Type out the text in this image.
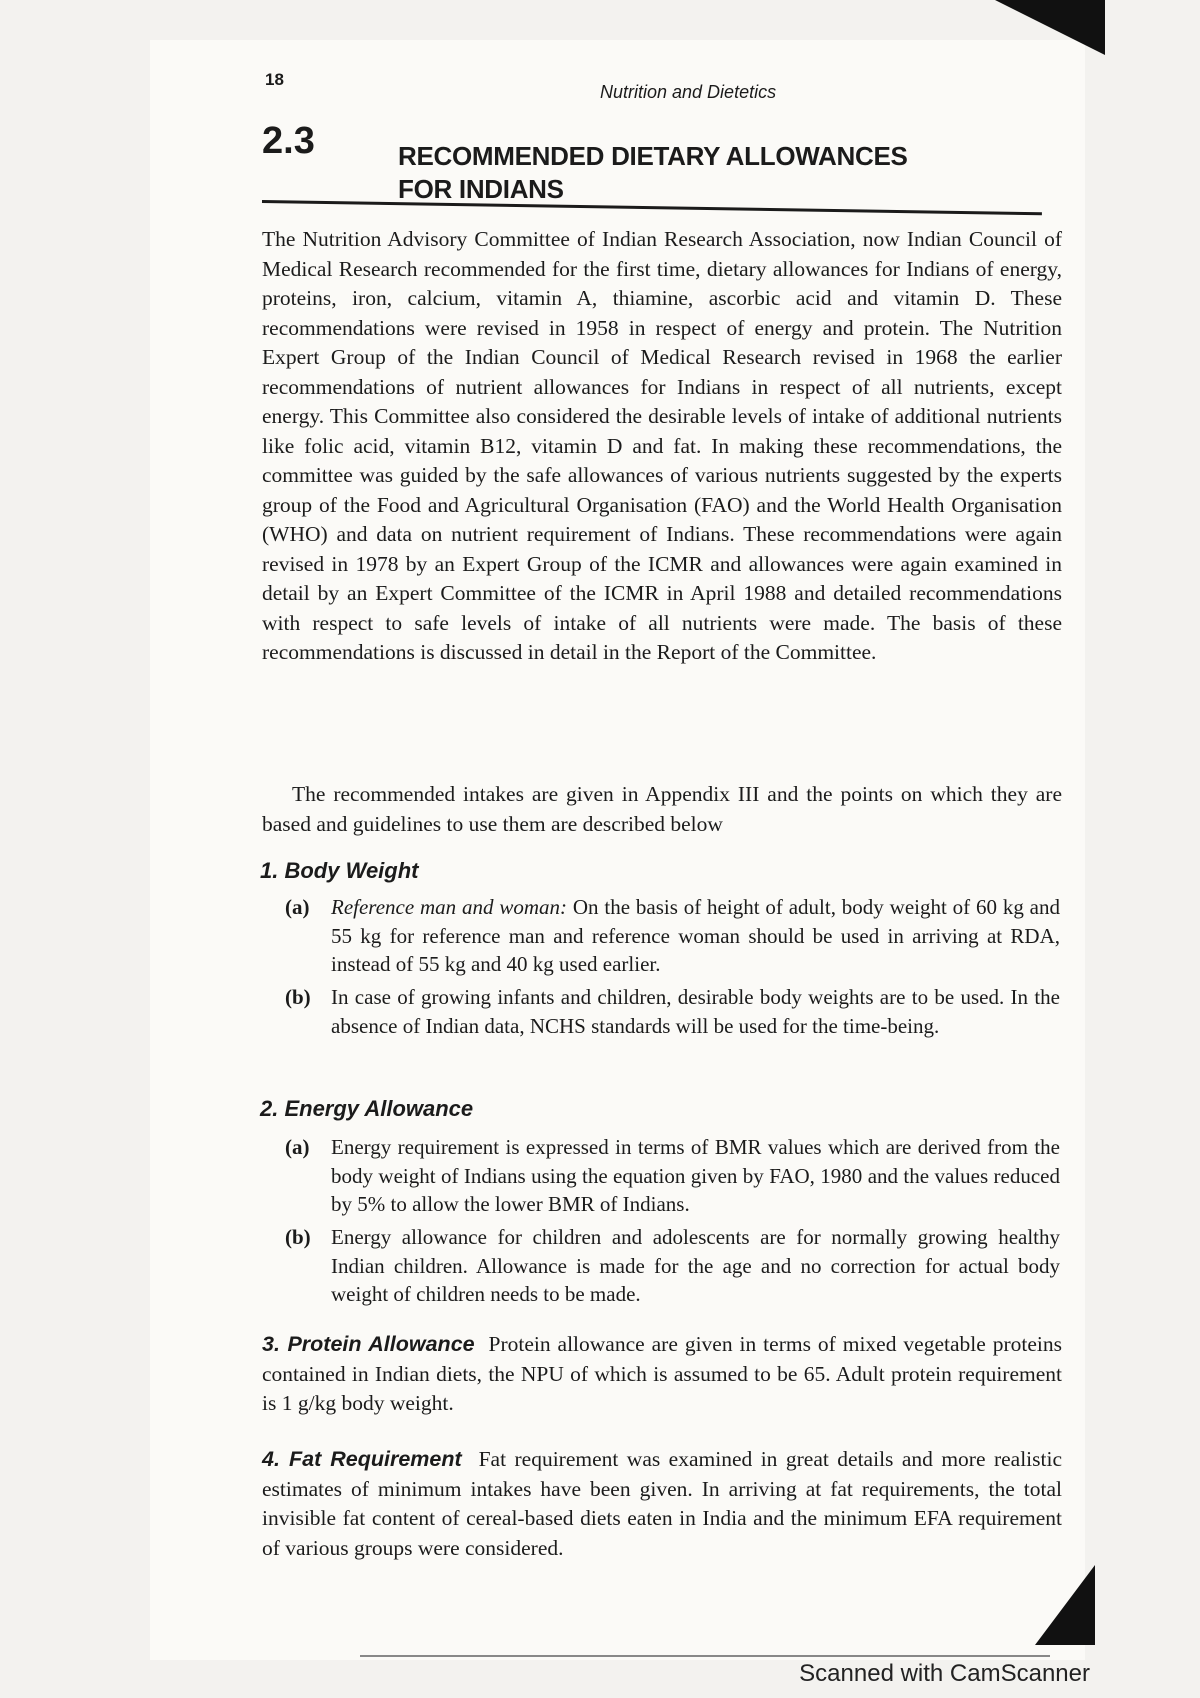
18
Nutrition and Dietetics
2.3	RECOMMENDED DIETARY ALLOWANCES
FOR INDIANS

The Nutrition Advisory Committee of Indian Research Association, now Indian Council of Medical Research recommended for the first time, dietary allowances for Indians of energy, proteins, iron, calcium, vitamin A, thiamine, ascorbic acid and vitamin D. These recommendations were revised in 1958 in respect of energy and protein. The Nutrition Expert Group of the Indian Council of Medical Research revised in 1968 the earlier recommendations of nutrient allowances for Indians in respect of all nutrients, except energy. This Committee also considered the desirable levels of intake of additional nutrients like folic acid, vitamin B12, vitamin D and fat. In making these recommendations, the committee was guided by the safe allowances of various nutrients suggested by the experts group of the Food and Agricultural Organisation (FAO) and the World Health Organisation (WHO) and data on nutrient requirement of Indians. These recommendations were again revised in 1978 by an Expert Group of the ICMR and allowances were again examined in detail by an Expert Committee of the ICMR in April 1988 and detailed recommendations with respect to safe levels of intake of all nutrients were made. The basis of these recommendations is discussed in detail in the Report of the Committee.

The recommended intakes are given in Appendix III and the points on which they are based and guidelines to use them are described below

1. Body Weight
(a)	Reference man and woman: On the basis of height of adult, body weight of 60 kg and 55 kg for reference man and reference woman should be used in arriving at RDA, instead of 55 kg and 40 kg used earlier.
(b) In case of growing infants and children, desirable body weights are to be used. In the absence of Indian data, NCHS standards will be used for the time-being.
2. Energy Allowance
(a)	Energy requirement is expressed in terms of BMR values which are derived from the body weight of Indians using the equation given by FAO, 1980 and the values reduced by 5% to allow the lower BMR of Indians.
(b) Energy allowance for children and adolescents are for normally growing healthy Indian children. Allowance is made for the age and no correction for actual body weight of children needs to be made.

3. Protein Allowance Protein allowance are given in terms of mixed vegetable proteins contained in Indian diets, the NPU of which is assumed to be 65. Adult protein requirement is 1 g/kg body weight.

4. Fat Requirement Fat requirement was examined in great details and more realistic estimates of minimum intakes have been given. In arriving at fat requirements, the total invisible fat content of cereal-based diets eaten in India and the minimum EFA requirement of various groups were considered.

Scanned with CamScanner
